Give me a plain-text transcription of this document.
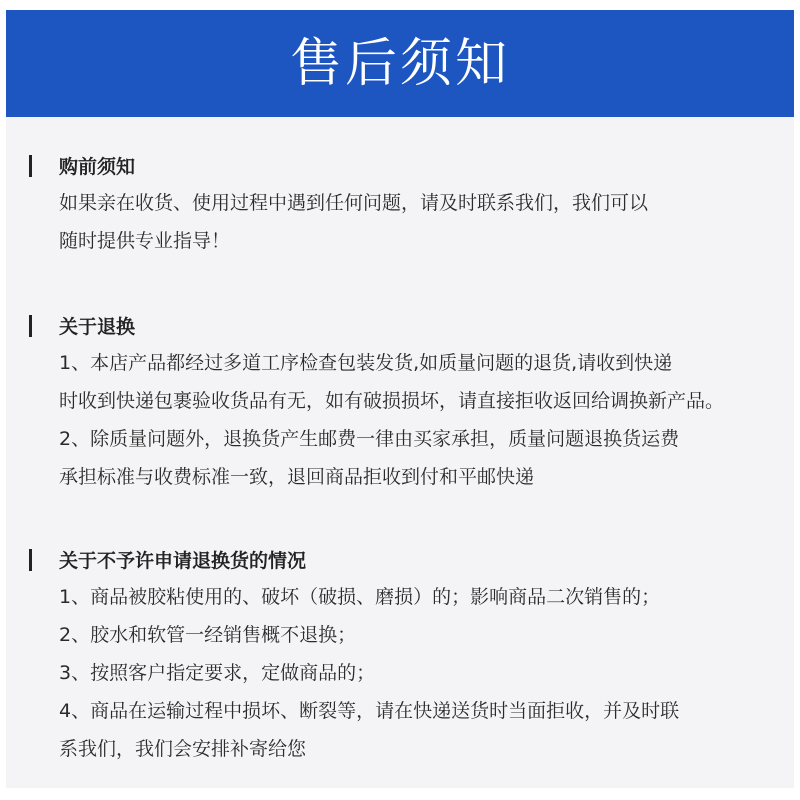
售后须知
购前须知
如果亲在收货、使用过程中遇到任何问题，请及时联系我们，我们可以
随时提供专业指导！
关于退换
1、本店产品都经过多道工序检查包装发货,如质量问题的退货,请收到快递
时收到快递包裹验收货品有无，如有破损损坏，请直接拒收返回给调换新产品。
2、除质量问题外，退换货产生邮费一律由买家承担，质量问题退换货运费
承担标准与收费标准一致，退回商品拒收到付和平邮快递
关于不予许申请退换货的情况
1、商品被胶粘使用的、破坏（破损、磨损）的；影响商品二次销售的；
2、胶水和软管一经销售概不退换；
3、按照客户指定要求，定做商品的；
4、商品在运输过程中损坏、断裂等，请在快递送货时当面拒收，并及时联
系我们，我们会安排补寄给您
